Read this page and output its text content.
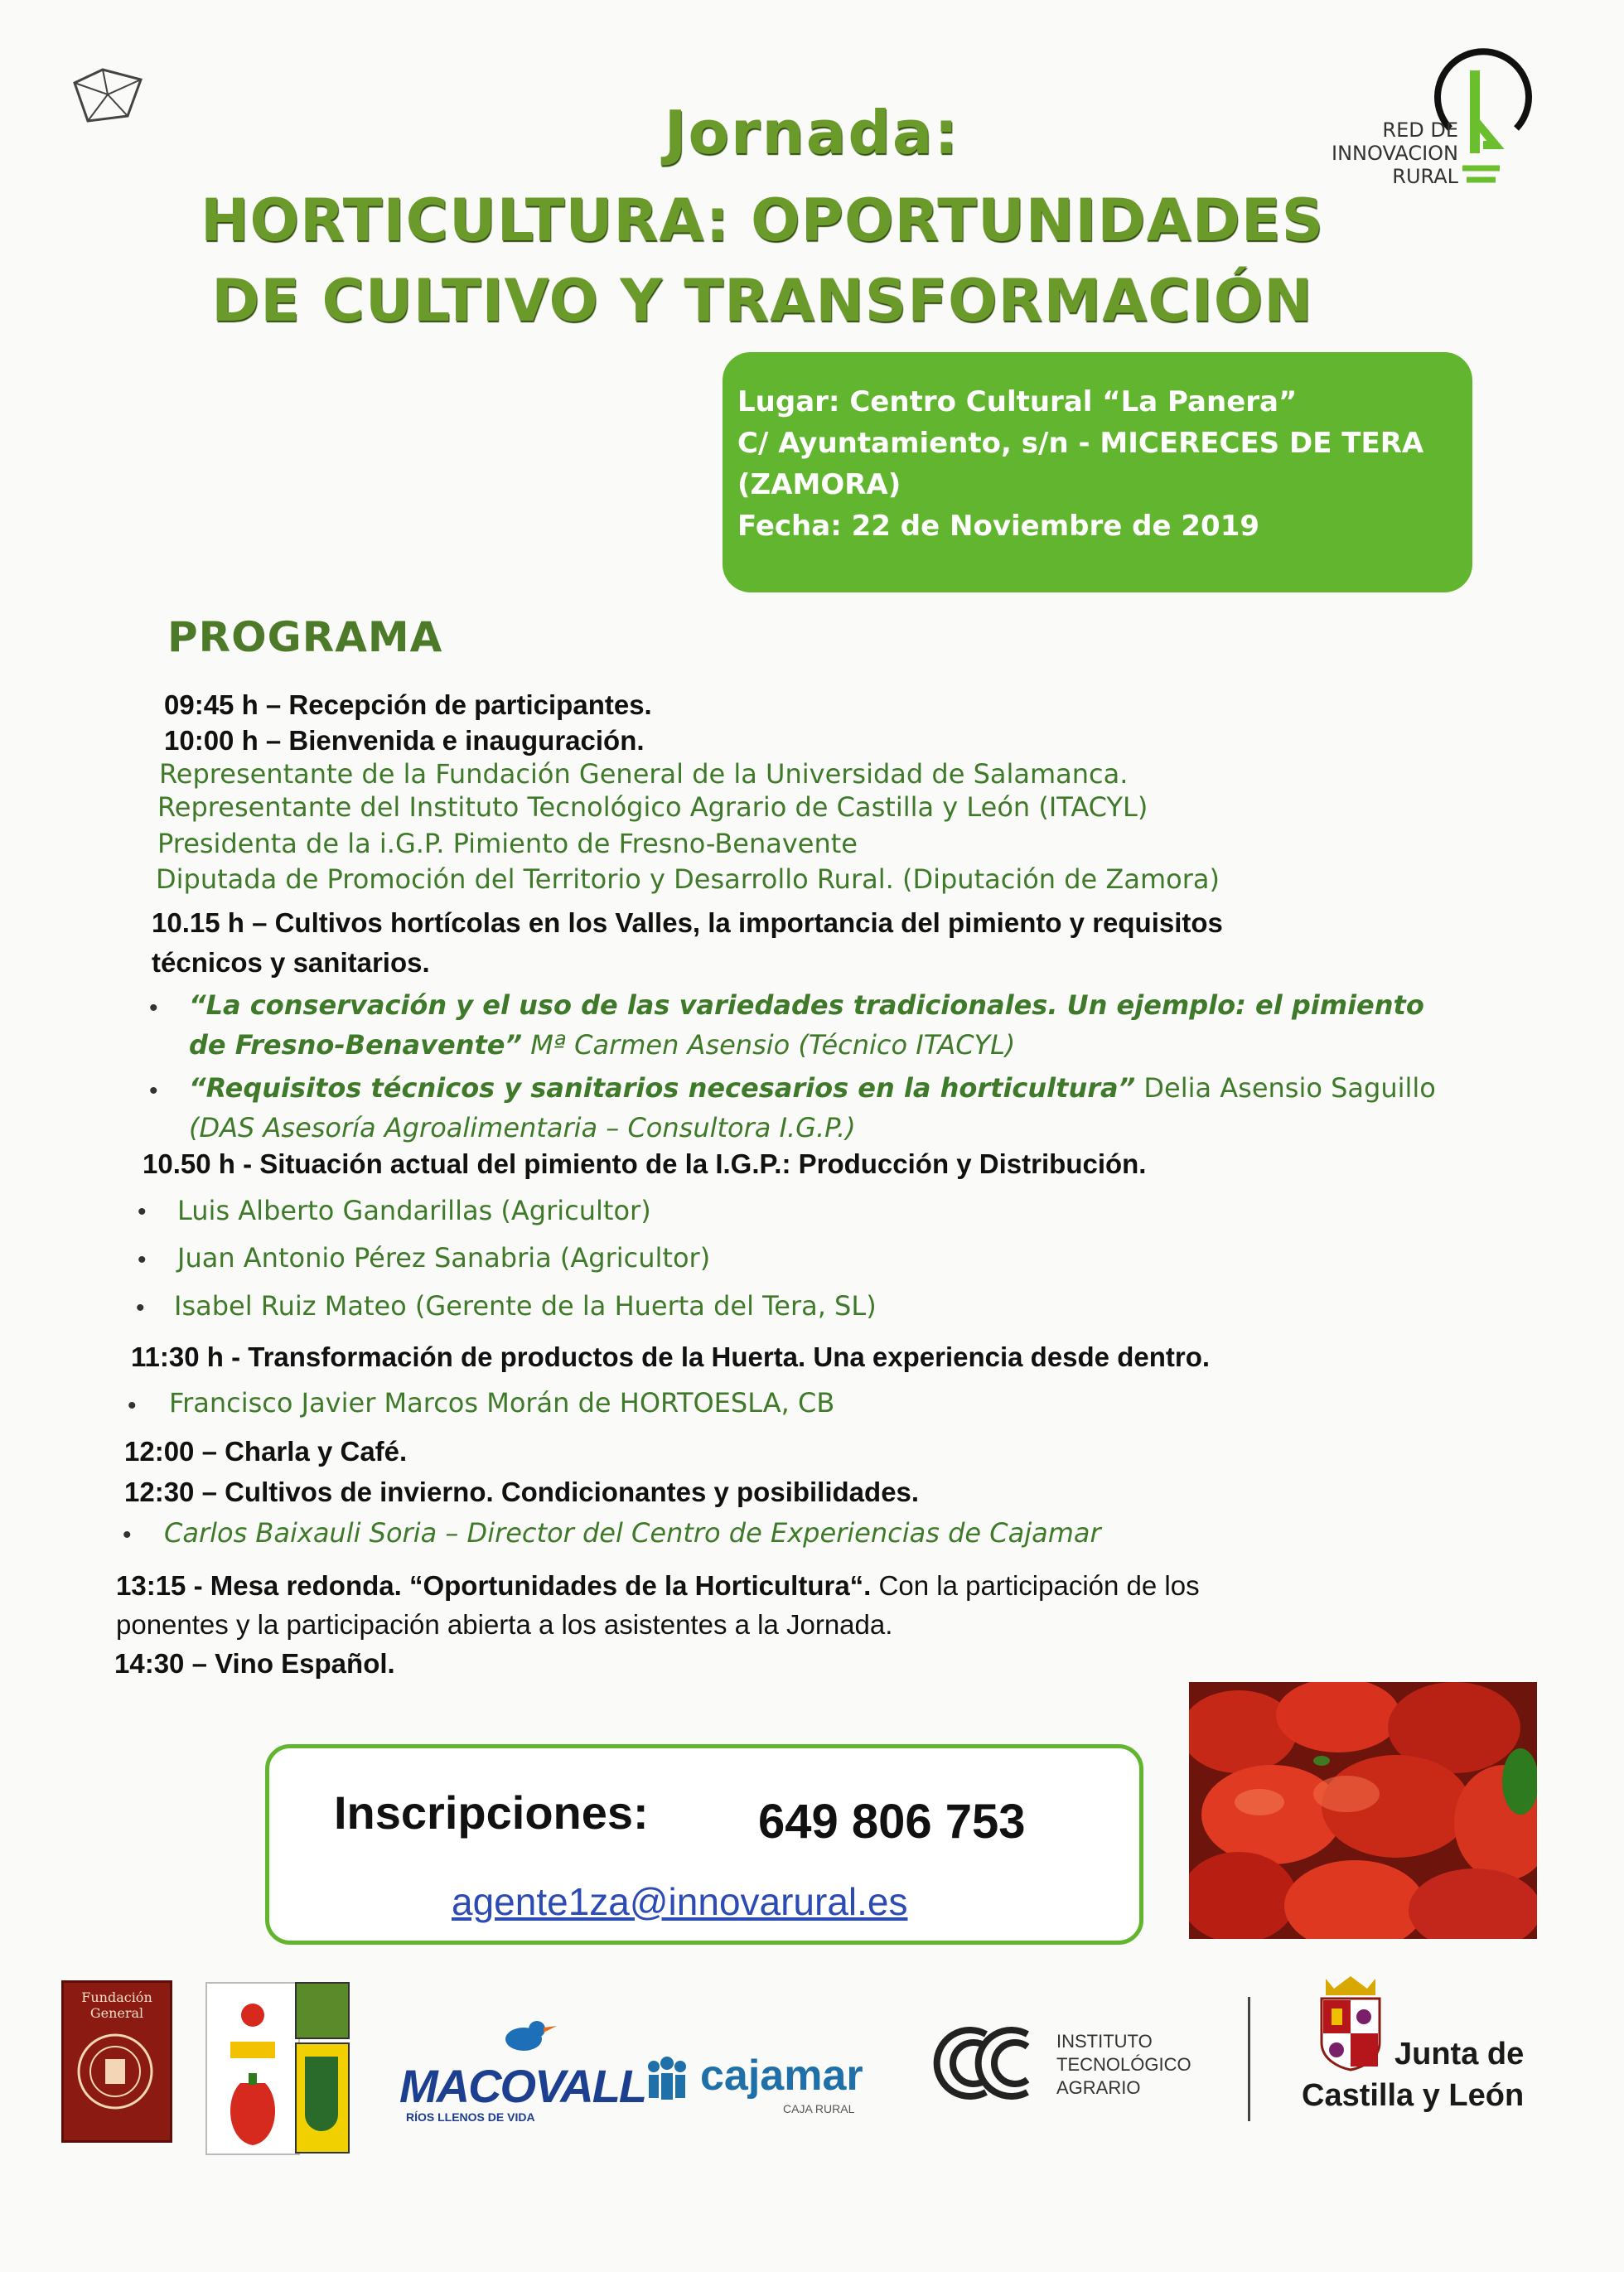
RED DE
INNOVACION
RURAL
Jornada:
HORTICULTURA: OPORTUNIDADES
DE CULTIVO Y TRANSFORMACIÓN
Lugar: Centro Cultural “La Panera”
C/ Ayuntamiento, s/n - MICERECES DE TERA
(ZAMORA)
Fecha: 22 de Noviembre de 2019
PROGRAMA
09:45 h – Recepción de participantes.
10:00 h – Bienvenida e inauguración.
Representante de la Fundación General de la Universidad de Salamanca.
Representante del Instituto Tecnológico Agrario de Castilla y León (ITACYL)
Presidenta de la i.G.P. Pimiento de Fresno-Benavente
Diputada de Promoción del Territorio y Desarrollo Rural. (Diputación de Zamora)
10.15 h – Cultivos hortícolas en los Valles, la importancia del pimiento y requisitos
técnicos y sanitarios.
• “La conservación y el uso de las variedades tradicionales. Un ejemplo: el pimiento
de Fresno-Benavente” Mª Carmen Asensio (Técnico ITACYL)
• “Requisitos técnicos y sanitarios necesarios en la horticultura” Delia Asensio Saguillo
(DAS Asesoría Agroalimentaria – Consultora I.G.P.)
10.50 h - Situación actual del pimiento de la I.G.P.: Producción y Distribución.
• Luis Alberto Gandarillas (Agricultor)
• Juan Antonio Pérez Sanabria (Agricultor)
• Isabel Ruiz Mateo (Gerente de la Huerta del Tera, SL)
11:30 h - Transformación de productos de la Huerta. Una experiencia desde dentro.
• Francisco Javier Marcos Morán de HORTOESLA, CB
12:00 – Charla y Café.
12:30 – Cultivos de invierno. Condicionantes y posibilidades.
• Carlos Baixauli Soria – Director del Centro de Experiencias de Cajamar
13:15 - Mesa redonda. “Oportunidades de la Horticultura“. Con la participación de los
ponentes y la participación abierta a los asistentes a la Jornada.
14:30 – Vino Español.
Inscripciones: 649 806 753
agente1za@innovarural.es
Fundación General
MACOVALL
RÍOS LLENOS DE VIDA
cajamar
CAJA RURAL
INSTITUTO
TECNOLÓGICO
AGRARIO
Junta de
Castilla y León
